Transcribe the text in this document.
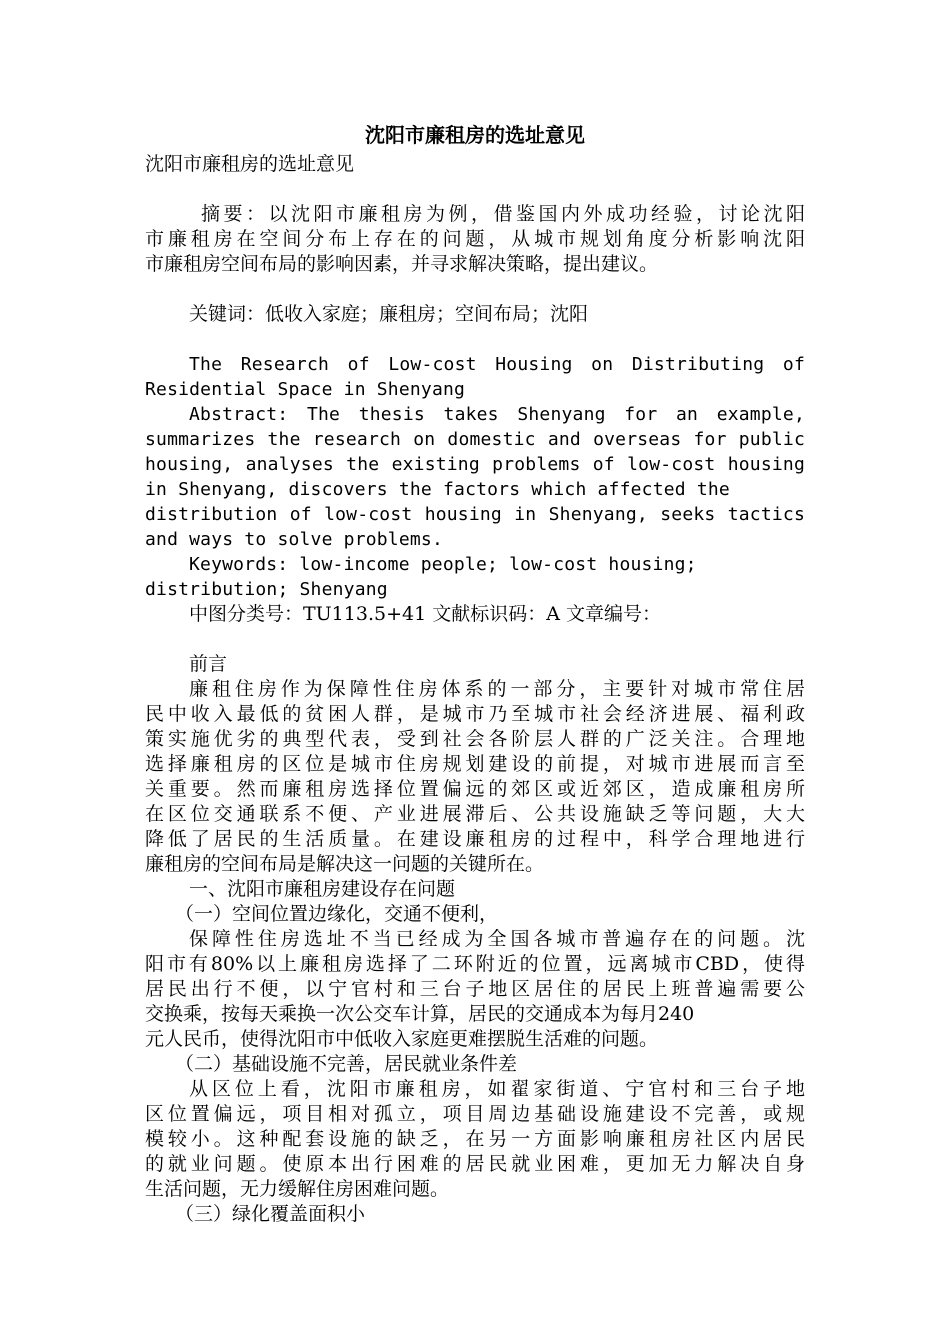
沈阳市廉租房的选址意见

沈阳市廉租房的选址意见

摘要：以沈阳市廉租房为例，借鉴国内外成功经验，讨论沈阳

市廉租房在空间分布上存在的问题，从城市规划角度分析影响沈阳

市廉租房空间布局的影响因素，并寻求解决策略，提出建议。

关键词：低收入家庭；廉租房；空间布局；沈阳

The Research of Low-cost Housing on Distributing of

Residential Space in Shenyang

Abstract: The thesis takes Shenyang for an example,

summarizes the research on domestic and overseas for public

housing, analyses the existing problems of low-cost housing

in Shenyang, discovers the factors which affected the

distribution of low-cost housing in Shenyang, seeks tactics

and ways to solve problems.

Keywords: low-income people; low-cost housing;

distribution; Shenyang

中图分类号：TU113.5+41 文献标识码：A 文章编号：

前言

廉租住房作为保障性住房体系的一部分，主要针对城市常住居

民中收入最低的贫困人群，是城市乃至城市社会经济进展、福利政

策实施优劣的典型代表，受到社会各阶层人群的广泛关注。合理地

选择廉租房的区位是城市住房规划建设的前提，对城市进展而言至

关重要。然而廉租房选择位置偏远的郊区或近郊区，造成廉租房所

在区位交通联系不便、产业进展滞后、公共设施缺乏等问题，大大

降低了居民的生活质量。在建设廉租房的过程中，科学合理地进行

廉租房的空间布局是解决这一问题的关键所在。

一、沈阳市廉租房建设存在问题

（一）空间位置边缘化，交通不便利，

保障性住房选址不当已经成为全国各城市普遍存在的问题。沈

阳市有80%以上廉租房选择了二环附近的位置，远离城市CBD，使得

居民出行不便，以宁官村和三台子地区居住的居民上班普遍需要公

交换乘，按每天乘换一次公交车计算，居民的交通成本为每月240

元人民币，使得沈阳市中低收入家庭更难摆脱生活难的问题。

（二）基础设施不完善，居民就业条件差

从区位上看，沈阳市廉租房，如翟家街道、宁官村和三台子地

区位置偏远，项目相对孤立，项目周边基础设施建设不完善，或规

模较小。这种配套设施的缺乏，在另一方面影响廉租房社区内居民

的就业问题。使原本出行困难的居民就业困难，更加无力解决自身

生活问题，无力缓解住房困难问题。

（三）绿化覆盖面积小
